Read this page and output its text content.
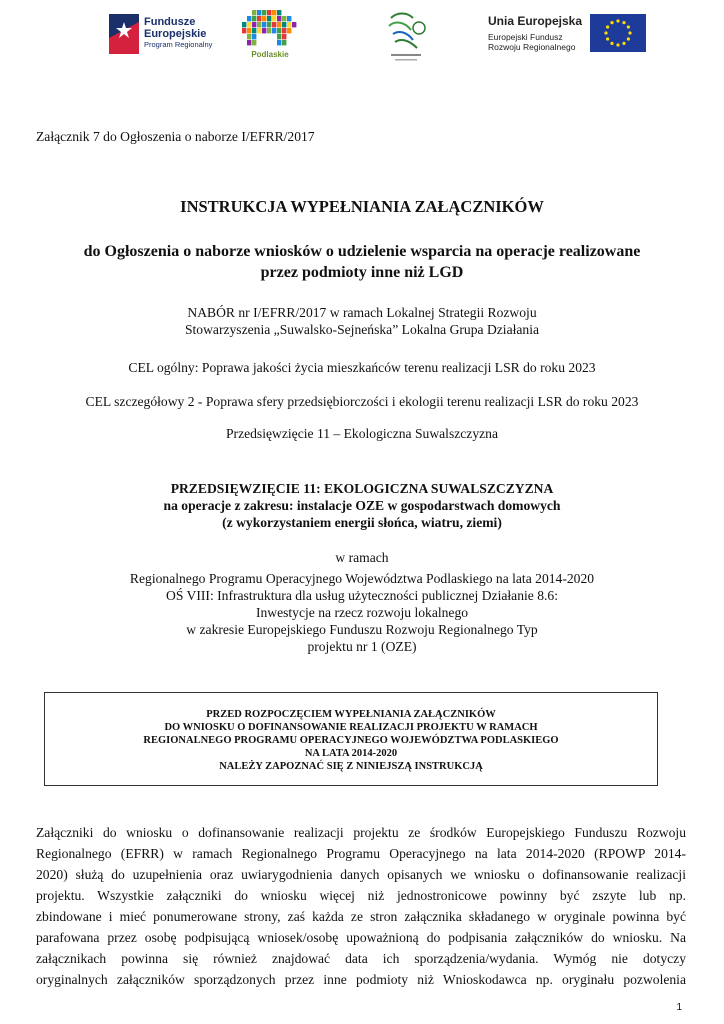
Fundusze
Europejskie
Program Regionalny
Podlaskie
Unia Europejska
Europejski Fundusz
Rozwoju Regionalnego
Załącznik 7 do Ogłoszenia o naborze I/EFRR/2017
INSTRUKCJA WYPEŁNIANIA ZAŁĄCZNIKÓW
do Ogłoszenia o naborze wniosków o udzielenie wsparcia na operacje realizowane
przez podmioty inne niż LGD
NABÓR nr I/EFRR/2017 w ramach Lokalnej Strategii Rozwoju
Stowarzyszenia „Suwalsko-Sejneńska” Lokalna Grupa Działania
CEL ogólny: Poprawa jakości życia mieszkańców terenu realizacji LSR do roku 2023
CEL szczegółowy 2 - Poprawa sfery przedsiębiorczości i ekologii terenu realizacji LSR do roku 2023
Przedsięwzięcie 11 – Ekologiczna Suwalszczyzna
PRZEDSIĘWZIĘCIE 11: EKOLOGICZNA SUWALSZCZYZNA
na operacje z zakresu: instalacje OZE w gospodarstwach domowych
(z wykorzystaniem energii słońca, wiatru, ziemi)
w ramach
Regionalnego Programu Operacyjnego Województwa Podlaskiego na lata 2014-2020
OŚ VIII: Infrastruktura dla usług użyteczności publicznej Działanie 8.6:
Inwestycje na rzecz rozwoju lokalnego
w zakresie Europejskiego Funduszu Rozwoju Regionalnego Typ
projektu nr 1 (OZE)
PRZED ROZPOCZĘCIEM WYPEŁNIANIA ZAŁĄCZNIKÓW
DO WNIOSKU O DOFINANSOWANIE REALIZACJI PROJEKTU W RAMACH
REGIONALNEGO PROGRAMU OPERACYJNEGO WOJEWÓDZTWA PODLASKIEGO
NA LATA 2014-2020
NALEŻY ZAPOZNAĆ SIĘ Z NINIEJSZĄ INSTRUKCJĄ
Załączniki do wniosku o dofinansowanie realizacji projektu ze środków Europejskiego Funduszu Rozwoju
Regionalnego (EFRR) w ramach Regionalnego Programu Operacyjnego na lata 2014-2020 (RPOWP 2014-
2020) służą do uzupełnienia oraz uwiarygodnienia danych opisanych we wniosku o dofinansowanie realizacji
projektu. Wszystkie załączniki do wniosku więcej niż jednostronicowe powinny być zszyte lub np.
zbindowane i mieć ponumerowane strony, zaś każda ze stron załącznika składanego w oryginale powinna być
parafowana przez osobę podpisującą wniosek/osobę upoważnioną do podpisania załączników do wniosku. Na
załącznikach powinna się również znajdować data ich sporządzenia/wydania. Wymóg nie dotyczy
oryginalnych załączników sporządzonych przez inne podmioty niż Wnioskodawca np. oryginału pozwolenia
1
